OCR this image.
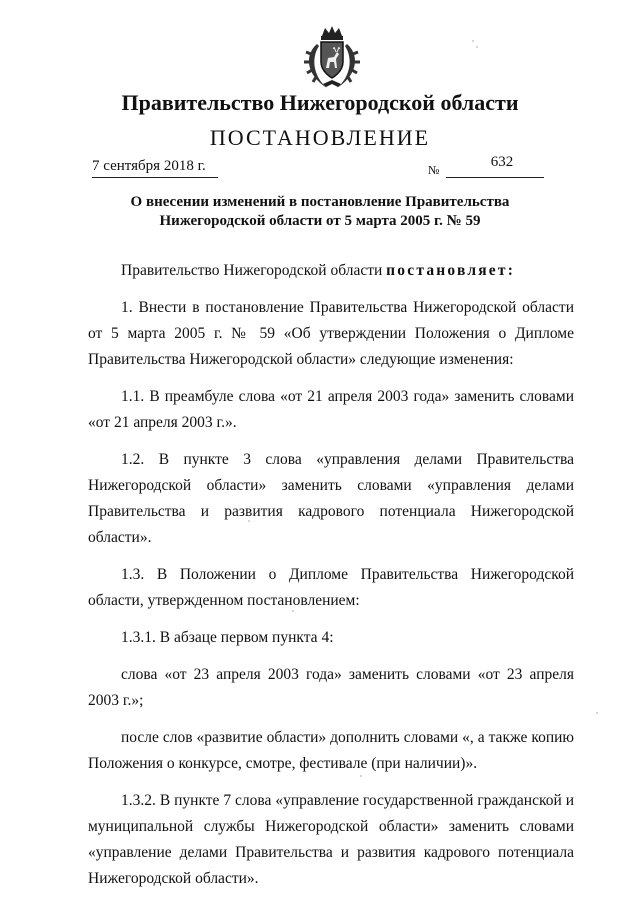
Правительство Нижегородской области
ПОСТАНОВЛЕНИЕ
7 сентября 2018 г.	№	632
О внесении изменений в постановление Правительства
Нижегородской области от 5 марта 2005 г. № 59

Правительство Нижегородской области постановляет:

1. Внести в постановление Правительства Нижегородской области от 5 марта 2005 г. № 59 «Об утверждении Положения о Дипломе Правительства Нижегородской области» следующие изменения:

1.1. В преамбуле слова «от 21 апреля 2003 года» заменить словами «от 21 апреля 2003 г.».

1.2. В пункте 3 слова «управления делами Правительства Нижегородской области» заменить словами «управления делами Правительства и развития кадрового потенциала Нижегородской области».

1.3. В Положении о Дипломе Правительства Нижегородской области, утвержденном постановлением:

1.3.1. В абзаце первом пункта 4:

слова «от 23 апреля 2003 года» заменить словами «от 23 апреля 2003 г.»;

после слов «развитие области» дополнить словами «, а также копию Положения о конкурсе, смотре, фестивале (при наличии)».

1.3.2. В пункте 7 слова «управление государственной гражданской и муниципальной службы Нижегородской области» заменить словами «управление делами Правительства и развития кадрового потенциала Нижегородской области».
